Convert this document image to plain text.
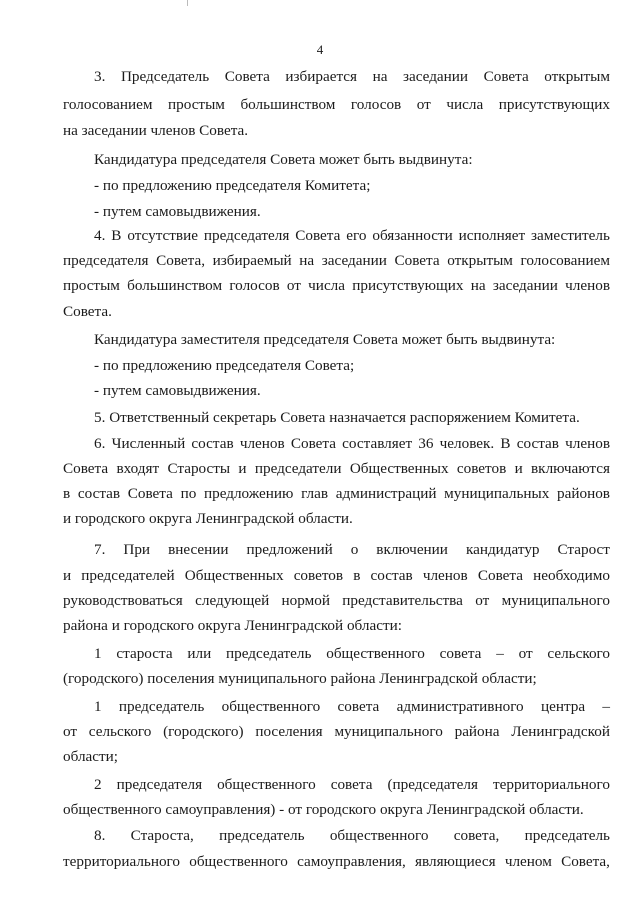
4
3. Председатель Совета избирается на заседании Совета открытым
голосованием простым большинством голосов от числа присутствующих
на заседании членов Совета.
Кандидатура председателя Совета может быть выдвинута:
- по предложению председателя Комитета;
- путем самовыдвижения.
4. В отсутствие председателя Совета его обязанности исполняет заместитель
председателя Совета, избираемый на заседании Совета открытым голосованием
простым большинством голосов от числа присутствующих на заседании членов
Совета.
Кандидатура заместителя председателя Совета может быть выдвинута:
- по предложению председателя Совета;
- путем самовыдвижения.
5. Ответственный секретарь Совета назначается распоряжением Комитета.
6. Численный состав членов Совета составляет 36 человек. В состав членов
Совета входят Старосты и председатели Общественных советов и включаются
в состав Совета по предложению глав администраций муниципальных районов
и городского округа Ленинградской области.
7. При внесении предложений о включении кандидатур Старост
и председателей Общественных советов в состав членов Совета необходимо
руководствоваться следующей нормой представительства от муниципального
района и городского округа Ленинградской области:
1 староста или председатель общественного совета – от сельского
(городского) поселения муниципального района Ленинградской области;
1 председатель общественного совета административного центра –
от сельского (городского) поселения муниципального района Ленинградской
области;
2 председателя общественного совета (председателя территориального
общественного самоуправления) - от городского округа Ленинградской области.
8. Староста, председатель общественного совета, председатель
территориального общественного самоуправления, являющиеся членом Совета,
